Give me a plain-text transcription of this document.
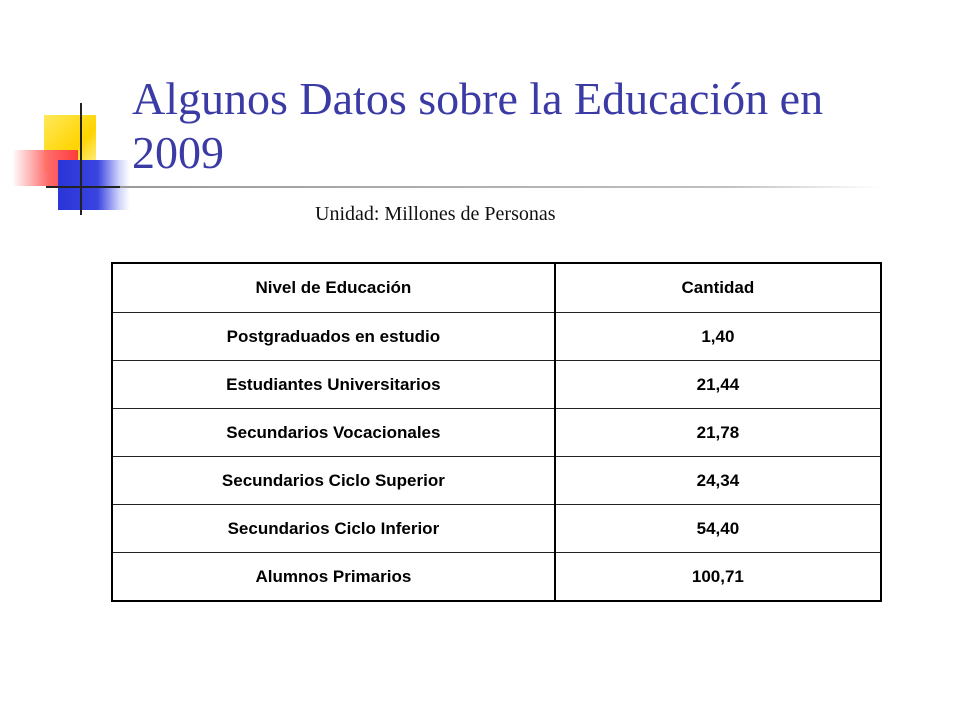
Algunos Datos sobre la Educación en 2009
Unidad: Millones de Personas
Nivel de Educación	Cantidad
Postgraduados en estudio	1,40
Estudiantes Universitarios	21,44
Secundarios Vocacionales	21,78
Secundarios Ciclo Superior	24,34
Secundarios Ciclo Inferior	54,40
Alumnos Primarios	100,71
